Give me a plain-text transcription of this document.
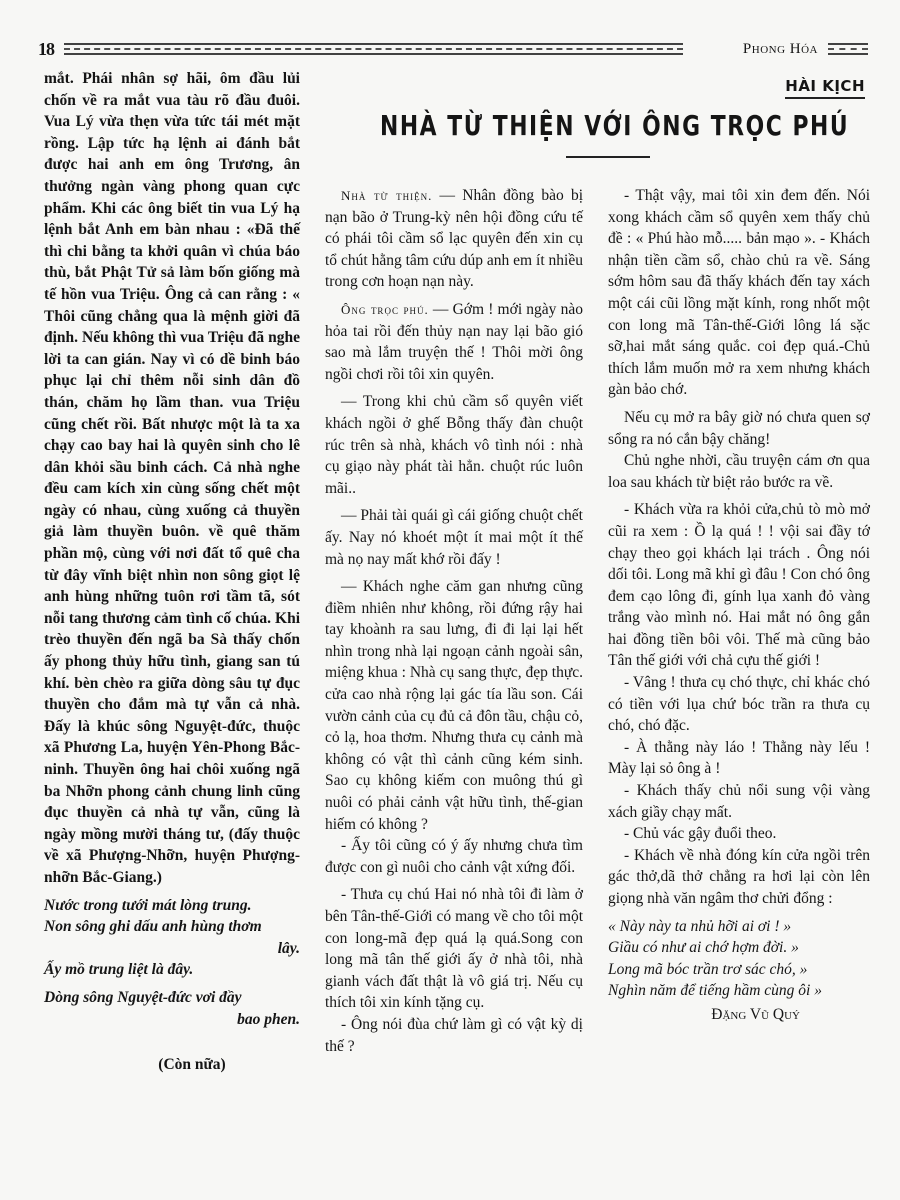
18	Phong Hóa
HÀI KỊCH
NHÀ TỪ THIỆN VỚI ÔNG TRỌC PHÚ

mắt. Phái nhân sợ hãi, ôm đầu lủi chốn về ra mắt vua tàu rõ đầu đuôi. Vua Lý vừa thẹn vừa tức tái mét mặt rồng. Lập tức hạ lệnh ai đánh bắt được hai anh em ông Trương, ân thưởng ngàn vàng phong quan cực phẩm. Khi các ông biết tin vua Lý hạ lệnh bắt Anh em bàn nhau : «Đã thế thì chi bằng ta khởi quân vì chúa báo thù, bắt Phật Tử sả làm bốn giống mà tế hồn vua Triệu. Ông cả can rằng : « Thôi cũng chẳng qua là mệnh giời đã định. Nếu không thì vua Triệu đã nghe lời ta can gián. Nay vì có dề binh báo phục lại chỉ thêm nỗi sinh dân đồ thán, chăm họ lầm than. vua Triệu cũng chết rồi. Bất nhược một là ta xa chạy cao bay hai là quyên sinh cho lê dân khỏi sầu binh cách. Cả nhà nghe đều cam kích xin cùng sống chết một ngày có nhau, cùng xuống cả thuyền giả làm thuyền buôn. về quê thăm phần mộ, cùng với nơi đất tổ quê cha từ đây vĩnh biệt nhìn non sông giọt lệ anh hùng những tuôn rơi tầm tã, sót nỗi tang thương cảm tình cố chúa. Khi trèo thuyền đến ngã ba Sà thấy chốn ấy phong thủy hữu tình, giang san tú khí. bèn chèo ra giữa dòng sâu tự đục thuyền cho đắm mà tự vẫn cả nhà. Đấy là khúc sông Nguyệt-đức, thuộc xã Phương La, huyện Yên-Phong Bắc-ninh. Thuyền ông hai chôi xuống ngã ba Nhỡn phong cảnh chung linh cũng đục thuyền cả nhà tự vẫn, cũng là ngày mồng mười tháng tư, (đấy thuộc về xã Phượng-Nhỡn, huyện Phượng-nhỡn Bắc-Giang.)

Nước trong tưới mát lòng trung.

Non sông ghi dấu anh hùng thơm

lây.

Ấy mồ trung liệt là đây.

Dòng sông Nguyệt-đức vơi đầy

bao phen.

(Còn nữa)

Nhà từ thiện. — Nhân đồng bào bị nạn bão ở Trung-kỳ nên hội đồng cứu tế có phái tôi cầm sổ lạc quyên đến xin cụ tổ chút hằng tâm cứu dúp anh em ít nhiều trong cơn hoạn nạn này.

Ông trọc phú. — Gớm ! mới ngày nào hỏa tai rồi đến thủy nạn nay lại bão gió sao mà lắm truyện thế ! Thôi mời ông ngồi chơi rồi tôi xin quyên.

— Trong khi chủ cầm sổ quyên viết khách ngồi ở ghế Bỗng thấy đàn chuột rúc trên sà nhà, khách vô tình nói : nhà cụ giạo này phát tài hẳn. chuột rúc luôn mãi..

— Phải tài quái gì cái giống chuột chết ấy. Nay nó khoét một ít mai một ít thế mà nọ nay mất khớ rồi đấy !

— Khách nghe căm gan nhưng cũng điềm nhiên như không, rồi đứng rậy hai tay khoành ra sau lưng, đi đi lại lại hết nhìn trong nhà lại ngoạn cảnh ngoài sân, miệng khua : Nhà cụ sang thực, đẹp thực. cửa cao nhà rộng lại gác tía lầu son. Cái vườn cảnh của cụ đủ cả đôn tầu, chậu cỏ, cỏ lạ, hoa thơm. Nhưng thưa cụ cảnh mà không có vật thì cảnh cũng kém sinh. Sao cụ không kiếm con muông thú gì nuôi có phải cảnh vật hữu tình, thế-gian hiếm có không ?

- Ấy tôi cũng có ý ấy nhưng chưa tìm được con gì nuôi cho cảnh vật xứng đối.

- Thưa cụ chú Hai nó nhà tôi đi làm ở bên Tân-thế-Giới có mang về cho tôi một con long-mã đẹp quá lạ quá.Song con long mã tân thế giới ấy ở nhà tôi, nhà gianh vách đất thật là vô giá trị. Nếu cụ thích tôi xin kính tặng cụ.

- Ông nói đùa chứ làm gì có vật kỳ dị thế ?

- Thật vậy, mai tôi xin đem đến. Nói xong khách cầm sổ quyên xem thấy chủ đề : « Phú hào mỗ..... bản mạo ». - Khách nhận tiền cầm sổ, chào chủ ra về. Sáng sớm hôm sau đã thấy khách đến tay xách một cái cũi lồng mặt kính, rong nhốt một con long mã Tân-thế-Giới lông lá sặc sỡ,hai mắt sáng quắc. coi đẹp quá.-Chủ thích lắm muốn mở ra xem nhưng khách gàn bảo chớ.

Nếu cụ mở ra bây giờ nó chưa quen sợ sổng ra nó cắn bậy chăng!

Chủ nghe nhời, cầu truyện cám ơn qua loa sau khách từ biệt rảo bước ra về.

- Khách vừa ra khỏi cửa,chủ tò mò mở cũi ra xem : Ồ lạ quá ! ! vội sai đầy tớ chạy theo gọi khách lại trách . Ông nói dối tôi. Long mã khỉ gì đâu ! Con chó ông đem cạo lông đi, gính lụa xanh đỏ vàng trắng vào mình nó. Hai mắt nó ông gắn hai đồng tiền bôi vôi. Thế mà cũng bảo Tân thế giới với chả cựu thế giới !

- Vâng ! thưa cụ chó thực, chỉ khác chó có tiền với lụa chứ bóc trần ra thưa cụ chó, chó đặc.

- À thằng này láo ! Thằng này lếu ! Mày lại sỏ ông à !

- Khách thấy chủ nổi sung vội vàng xách giầy chạy mất.

- Chủ vác gậy đuổi theo.

- Khách về nhà đóng kín cửa ngồi trên gác thở,dã thở chẳng ra hơi lại còn lên giọng nhà văn ngâm thơ chửi đổng :

« Này này ta nhủ hỡi ai ơi ! »

Giầu có như ai chớ hợm đời. »

Long mã bóc trần trơ sác chó, »

Nghìn năm để tiếng hầm cùng ôi »

Đặng Vũ Quý
